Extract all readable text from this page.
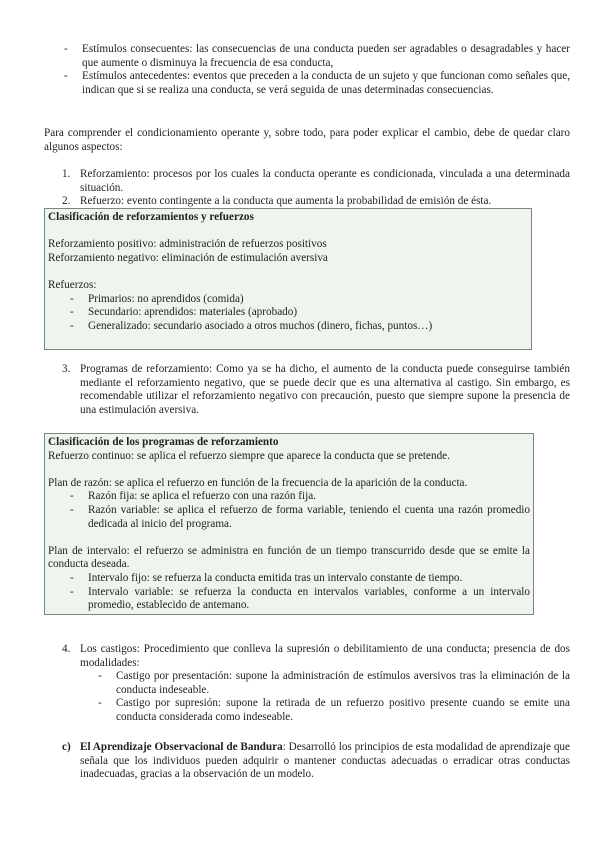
- Estímulos consecuentes: las consecuencias de una conducta pueden ser agradables o desagradables y hacer que aumente o disminuya la frecuencia de esa conducta,
- Estímulos antecedentes: eventos que preceden a la conducta de un sujeto y que funcionan como señales que, indican que si se realiza una conducta, se verá seguida de unas determinadas consecuencias.
Para comprender el condicionamiento operante y, sobre todo, para poder explicar el cambio, debe de quedar claro algunos aspectos:
1. Reforzamiento: procesos por los cuales la conducta operante es condicionada, vinculada a una determinada situación.
2. Refuerzo: evento contingente a la conducta que aumenta la probabilidad de emisión de ésta.
Clasificación de reforzamientos y refuerzos
Reforzamiento positivo: administración de refuerzos positivos
Reforzamiento negativo: eliminación de estimulación aversiva
Refuerzos:
- Primarios: no aprendidos (comida)
- Secundario: aprendidos: materiales (aprobado)
- Generalizado: secundario asociado a otros muchos (dinero, fichas, puntos…)
3. Programas de reforzamiento: Como ya se ha dicho, el aumento de la conducta puede conseguirse también mediante el reforzamiento negativo, que se puede decir que es una alternativa al castigo. Sin embargo, es recomendable utilizar el reforzamiento negativo con precaución, puesto que siempre supone la presencia de una estimulación aversiva.
Clasificación de los programas de reforzamiento
Refuerzo continuo: se aplica el refuerzo siempre que aparece la conducta que se pretende.
Plan de razón: se aplica el refuerzo en función de la frecuencia de la aparición de la conducta.
- Razón fija: se aplica el refuerzo con una razón fija.
- Razón variable: se aplica el refuerzo de forma variable, teniendo el cuenta una razón promedio dedicada al inicio del programa.
Plan de intervalo: el refuerzo se administra en función de un tiempo transcurrido desde que se emite la conducta deseada.
- Intervalo fijo: se refuerza la conducta emitida tras un intervalo constante de tiempo.
- Intervalo variable: se refuerza la conducta en intervalos variables, conforme a un intervalo promedio, establecido de antemano.
4. Los castigos: Procedimiento que conlleva la supresión o debilitamiento de una conducta; presencia de dos modalidades:
- Castigo por presentación: supone la administración de estímulos aversivos tras la eliminación de la conducta indeseable.
- Castigo por supresión: supone la retirada de un refuerzo positivo presente cuando se emite una conducta considerada como indeseable.
c) El Aprendizaje Observacional de Bandura: Desarrolló los principios de esta modalidad de aprendizaje que señala que los individuos pueden adquirir o mantener conductas adecuadas o erradicar otras conductas inadecuadas, gracias a la observación de un modelo.
